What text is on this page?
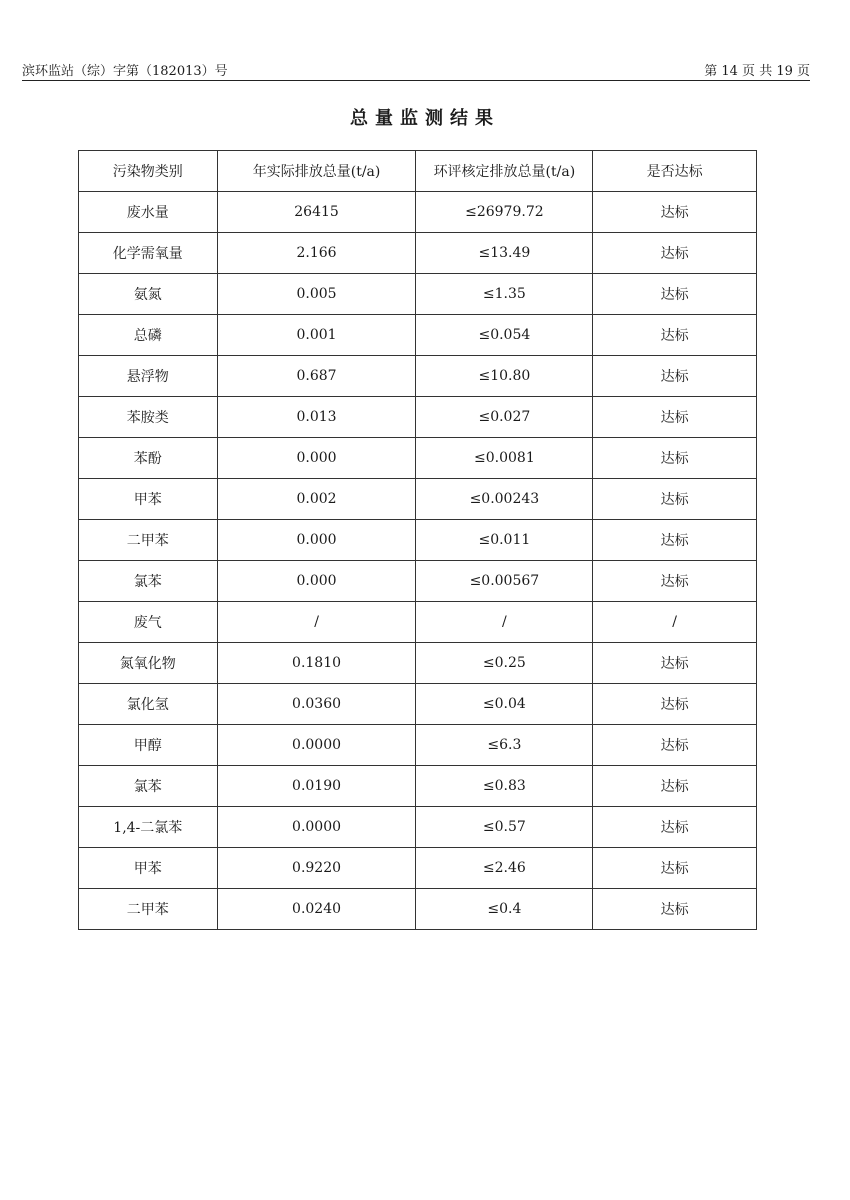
滨环监站（综）字第（182013）号	第 14 页 共 19 页
总量监测结果
污染物类别	年实际排放总量(t/a)	环评核定排放总量(t/a)	是否达标
废水量	26415	≤26979.72	达标
化学需氧量	2.166	≤13.49	达标
氨氮	0.005	≤1.35	达标
总磷	0.001	≤0.054	达标
悬浮物	0.687	≤10.80	达标
苯胺类	0.013	≤0.027	达标
苯酚	0.000	≤0.0081	达标
甲苯	0.002	≤0.00243	达标
二甲苯	0.000	≤0.011	达标
氯苯	0.000	≤0.00567	达标
废气	/	/	/
氮氧化物	0.1810	≤0.25	达标
氯化氢	0.0360	≤0.04	达标
甲醇	0.0000	≤6.3	达标
氯苯	0.0190	≤0.83	达标
1,4-二氯苯	0.0000	≤0.57	达标
甲苯	0.9220	≤2.46	达标
二甲苯	0.0240	≤0.4	达标
